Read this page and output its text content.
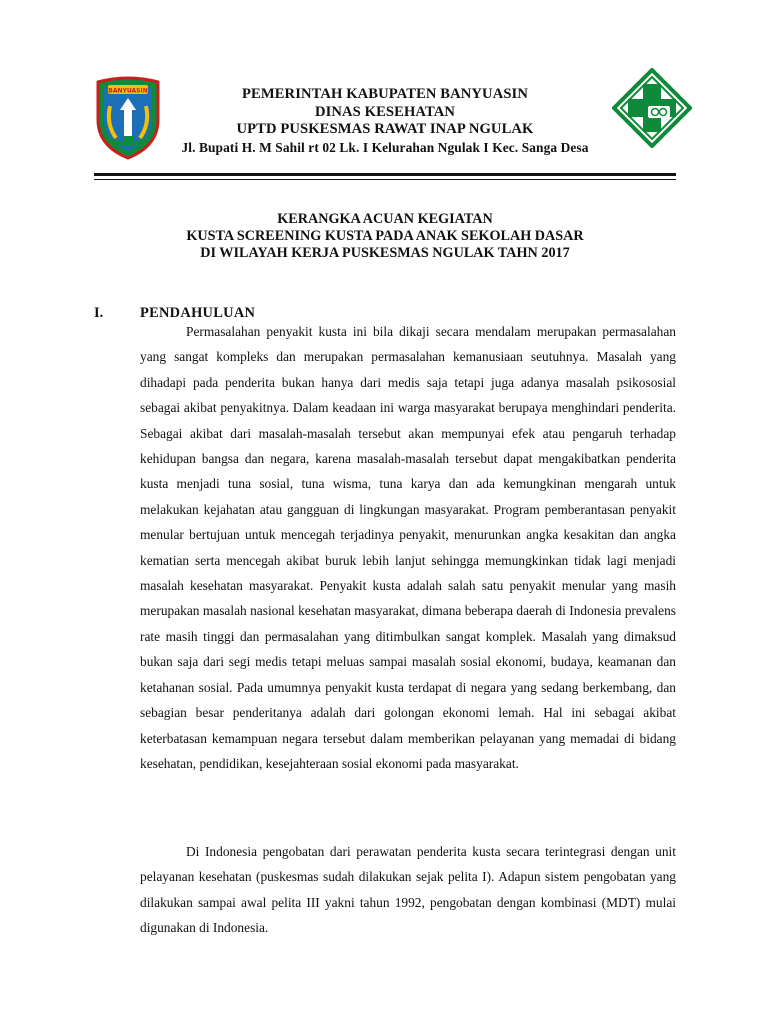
BANYUASIN	PEMERINTAH KABUPATEN BANYUASIN
DINAS KESEHATAN
UPTD PUSKESMAS RAWAT INAP NGULAK
Jl. Bupati H. M Sahil rt 02 Lk. I Kelurahan Ngulak I Kec. Sanga Desa
KERANGKA ACUAN KEGIATAN
KUSTA SCREENING KUSTA PADA ANAK SEKOLAH DASAR
DI WILAYAH KERJA PUSKESMAS NGULAK TAHN 2017
I.	PENDAHULUAN

Permasalahan penyakit kusta ini bila dikaji secara mendalam merupakan permasalahan yang sangat kompleks dan merupakan permasalahan kemanusiaan seutuhnya. Masalah yang dihadapi pada penderita bukan hanya dari medis saja tetapi juga adanya masalah psikososial sebagai akibat penyakitnya. Dalam keadaan ini warga masyarakat berupaya menghindari penderita. Sebagai akibat dari masalah-masalah tersebut akan mempunyai efek atau pengaruh terhadap kehidupan bangsa dan negara, karena masalah-masalah tersebut dapat mengakibatkan penderita kusta menjadi tuna sosial, tuna wisma, tuna karya dan ada kemungkinan mengarah untuk melakukan kejahatan atau gangguan di lingkungan masyarakat. Program pemberantasan penyakit menular bertujuan untuk mencegah terjadinya penyakit, menurunkan angka kesakitan dan angka kematian serta mencegah akibat buruk lebih lanjut sehingga memungkinkan tidak lagi menjadi masalah kesehatan masyarakat. Penyakit kusta adalah salah satu penyakit menular yang masih merupakan masalah nasional kesehatan masyarakat, dimana beberapa daerah di Indonesia prevalens rate masih tinggi dan permasalahan yang ditimbulkan sangat komplek. Masalah yang dimaksud bukan saja dari segi medis tetapi meluas sampai masalah sosial ekonomi, budaya, keamanan dan ketahanan sosial. Pada umumnya penyakit kusta terdapat di negara yang sedang berkembang, dan sebagian besar penderitanya adalah dari golongan ekonomi lemah. Hal ini sebagai akibat keterbatasan kemampuan negara tersebut dalam memberikan pelayanan yang memadai di bidang kesehatan, pendidikan, kesejahteraan sosial ekonomi pada masyarakat.

Di Indonesia pengobatan dari perawatan penderita kusta secara terintegrasi dengan unit pelayanan kesehatan (puskesmas sudah dilakukan sejak pelita I). Adapun sistem pengobatan yang dilakukan sampai awal pelita III yakni tahun 1992, pengobatan dengan kombinasi (MDT) mulai digunakan di Indonesia.
